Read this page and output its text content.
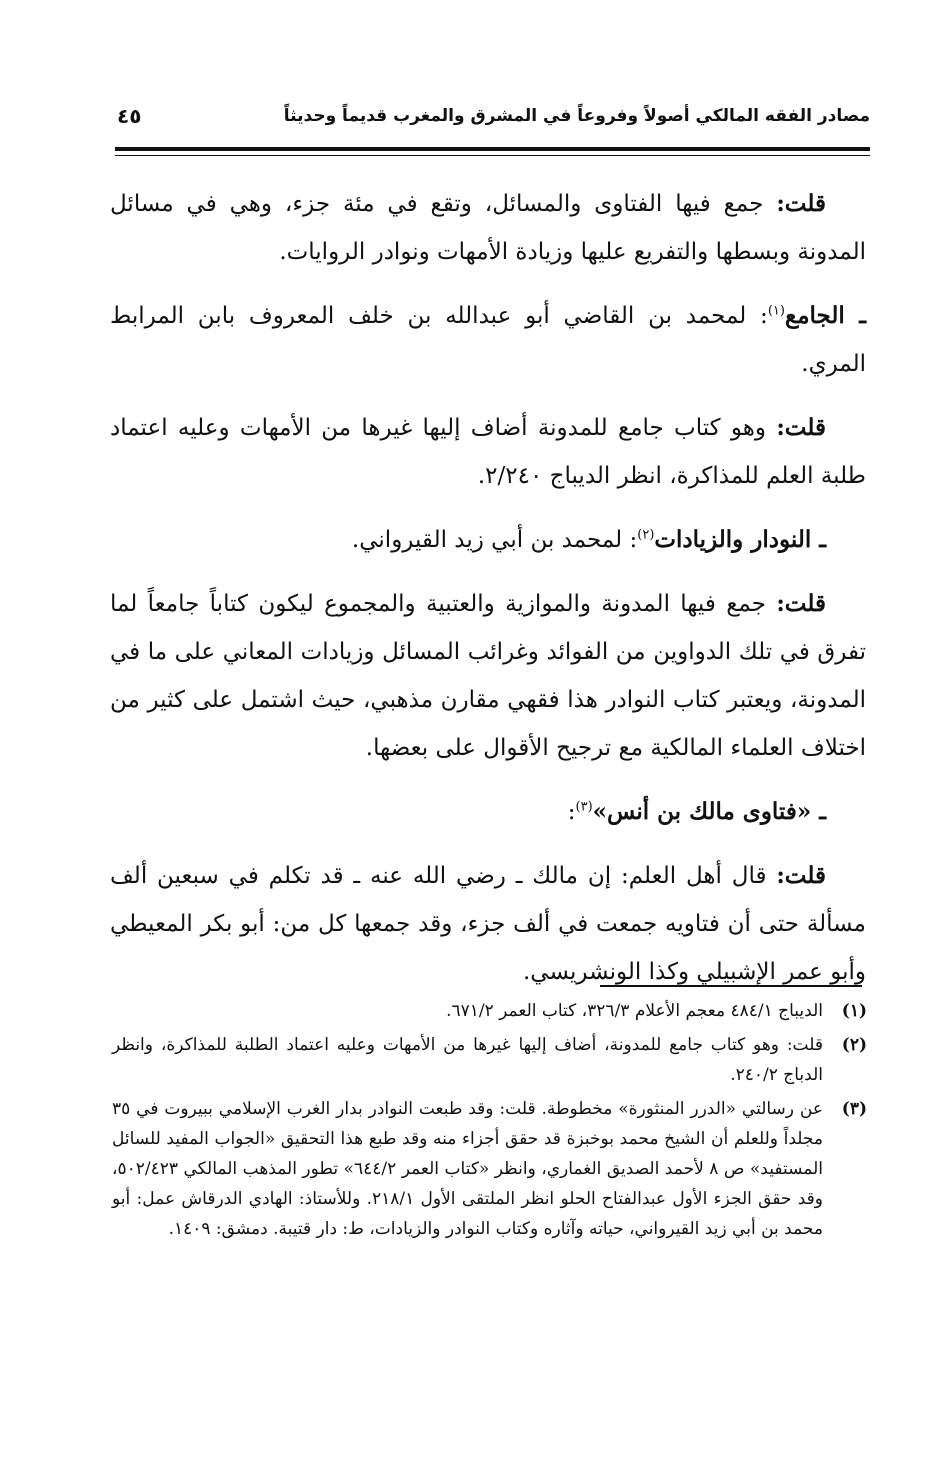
مصادر الفقه المالكي أصولاً وفروعاً في المشرق والمغرب قديماً وحديثاً
٤٥

قلت: جمع فيها الفتاوى والمسائل، وتقع في مئة جزء، وهي في مسائل المدونة وبسطها والتفريع عليها وزيادة الأمهات ونوادر الروايات.

ـ الجامع$^{(١)}$: لمحمد بن القاضي أبو عبدالله بن خلف المعروف بابن المرابط المري.

قلت: وهو كتاب جامع للمدونة أضاف إليها غيرها من الأمهات وعليه اعتماد طلبة العلم للمذاكرة، انظر الديباج ٢/٢٤٠.

ـ النودار والزيادات$^{(٢)}$: لمحمد بن أبي زيد القيرواني.

قلت: جمع فيها المدونة والموازية والعتبية والمجموع ليكون كتاباً جامعاً لما تفرق في تلك الدواوين من الفوائد وغرائب المسائل وزيادات المعاني على ما في المدونة، ويعتبر كتاب النوادر هذا فقهي مقارن مذهبي، حيث اشتمل على كثير من اختلاف العلماء المالكية مع ترجيح الأقوال على بعضها.

ـ «فتاوى مالك بن أنس»$^{(٣)}$:

قلت: قال أهل العلم: إن مالك ـ رضي الله عنه ـ قد تكلم في سبعين ألف مسألة حتى أن فتاويه جمعت في ألف جزء، وقد جمعها كل من: أبو بكر المعيطي وأبو عمر الإشبيلي وكذا الونشريسي.

(١)
الديباج ٤٨٤/١ معجم الأعلام ٣٢٦/٣، كتاب العمر ٦٧١/٢.
(٢)
قلت: وهو كتاب جامع للمدونة، أضاف إليها غيرها من الأمهات وعليه اعتماد الطلبة للمذاكرة، وانظر الدباج ٢٤٠/٢.
(٣)
عن رسالتي «الدرر المنثورة» مخطوطة. قلت: وقد طبعت النوادر بدار الغرب الإسلامي ببيروت في ٣٥ مجلداً وللعلم أن الشيخ محمد بوخبزة قد حقق أجزاء منه وقد طبع هذا التحقيق «الجواب المفيد للسائل المستفيد» ص ٨ لأحمد الصديق الغماري، وانظر «كتاب العمر ٦٤٤/٢» تطور المذهب المالكي ٥٠٢/٤٢٣، وقد حقق الجزء الأول عبدالفتاح الحلو انظر الملتقى الأول ٢١٨/١. وللأستاذ: الهادي الدرقاش عمل: أبو محمد بن أبي زيد القيرواني، حياته وآثاره وكتاب النوادر والزيادات، ط: دار قتيبة. دمشق: ١٤٠٩.
